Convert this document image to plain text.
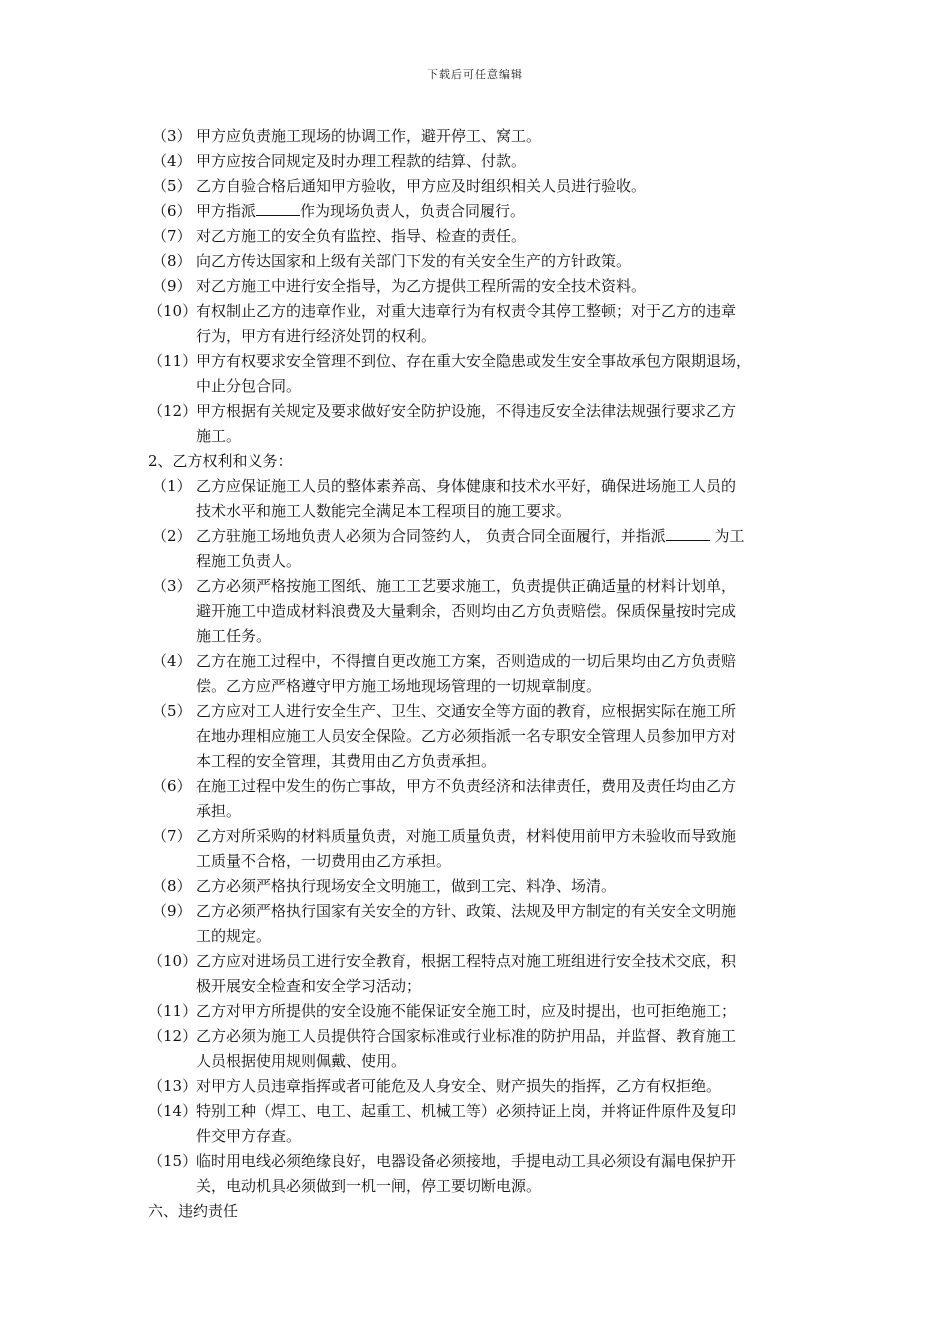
下载后可任意编辑
（3） 甲方应负责施工现场的协调工作，避开停工、窝工。
（4） 甲方应按合同规定及时办理工程款的结算、付款。
（5） 乙方自验合格后通知甲方验收，甲方应及时组织相关人员进行验收。
（6） 甲方指派	作为现场负责人，负责合同履行。
（7） 对乙方施工的安全负有监控、指导、检查的责任。
（8） 向乙方传达国家和上级有关部门下发的有关安全生产的方针政策。
（9） 对乙方施工中进行安全指导，为乙方提供工程所需的安全技术资料。
（10）有权制止乙方的违章作业，对重大违章行为有权责令其停工整顿；对于乙方的违章
行为，甲方有进行经济处罚的权利。
（11）甲方有权要求安全管理不到位、存在重大安全隐患或发生安全事故承包方限期退场，
中止分包合同。
（12）甲方根据有关规定及要求做好安全防护设施，不得违反安全法律法规强行要求乙方
施工。
2、乙方权利和义务：
（1） 乙方应保证施工人员的整体素养高、身体健康和技术水平好，确保进场施工人员的
技术水平和施工人数能完全满足本工程项目的施工要求。
（2） 乙方驻施工场地负责人必须为合同签约人， 负责合同全面履行，并指派	为工
程施工负责人。
（3） 乙方必须严格按施工图纸、施工工艺要求施工，负责提供正确适量的材料计划单，
避开施工中造成材料浪费及大量剩余，否则均由乙方负责赔偿。保质保量按时完成
施工任务。
（4） 乙方在施工过程中，不得擅自更改施工方案，否则造成的一切后果均由乙方负责赔
偿。乙方应严格遵守甲方施工场地现场管理的一切规章制度。
（5） 乙方应对工人进行安全生产、卫生、交通安全等方面的教育，应根据实际在施工所
在地办理相应施工人员安全保险。乙方必须指派一名专职安全管理人员参加甲方对
本工程的安全管理，其费用由乙方负责承担。
（6） 在施工过程中发生的伤亡事故，甲方不负责经济和法律责任，费用及责任均由乙方
承担。
（7） 乙方对所采购的材料质量负责，对施工质量负责，材料使用前甲方未验收而导致施
工质量不合格，一切费用由乙方承担。
（8） 乙方必须严格执行现场安全文明施工，做到工完、料净、场清。
（9） 乙方必须严格执行国家有关安全的方针、政策、法规及甲方制定的有关安全文明施
工的规定。
（10）乙方应对进场员工进行安全教育，根据工程特点对施工班组进行安全技术交底，积
极开展安全检查和安全学习活动；
（11）乙方对甲方所提供的安全设施不能保证安全施工时，应及时提出，也可拒绝施工；
（12）乙方必须为施工人员提供符合国家标准或行业标准的防护用品，并监督、教育施工
人员根据使用规则佩戴、使用。
（13）对甲方人员违章指挥或者可能危及人身安全、财产损失的指挥，乙方有权拒绝。
（14）特别工种（焊工、电工、起重工、机械工等）必须持证上岗，并将证件原件及复印
件交甲方存查。
（15）临时用电线必须绝缘良好，电器设备必须接地，手提电动工具必须设有漏电保护开
关，电动机具必须做到一机一闸，停工要切断电源。
六、违约责任
